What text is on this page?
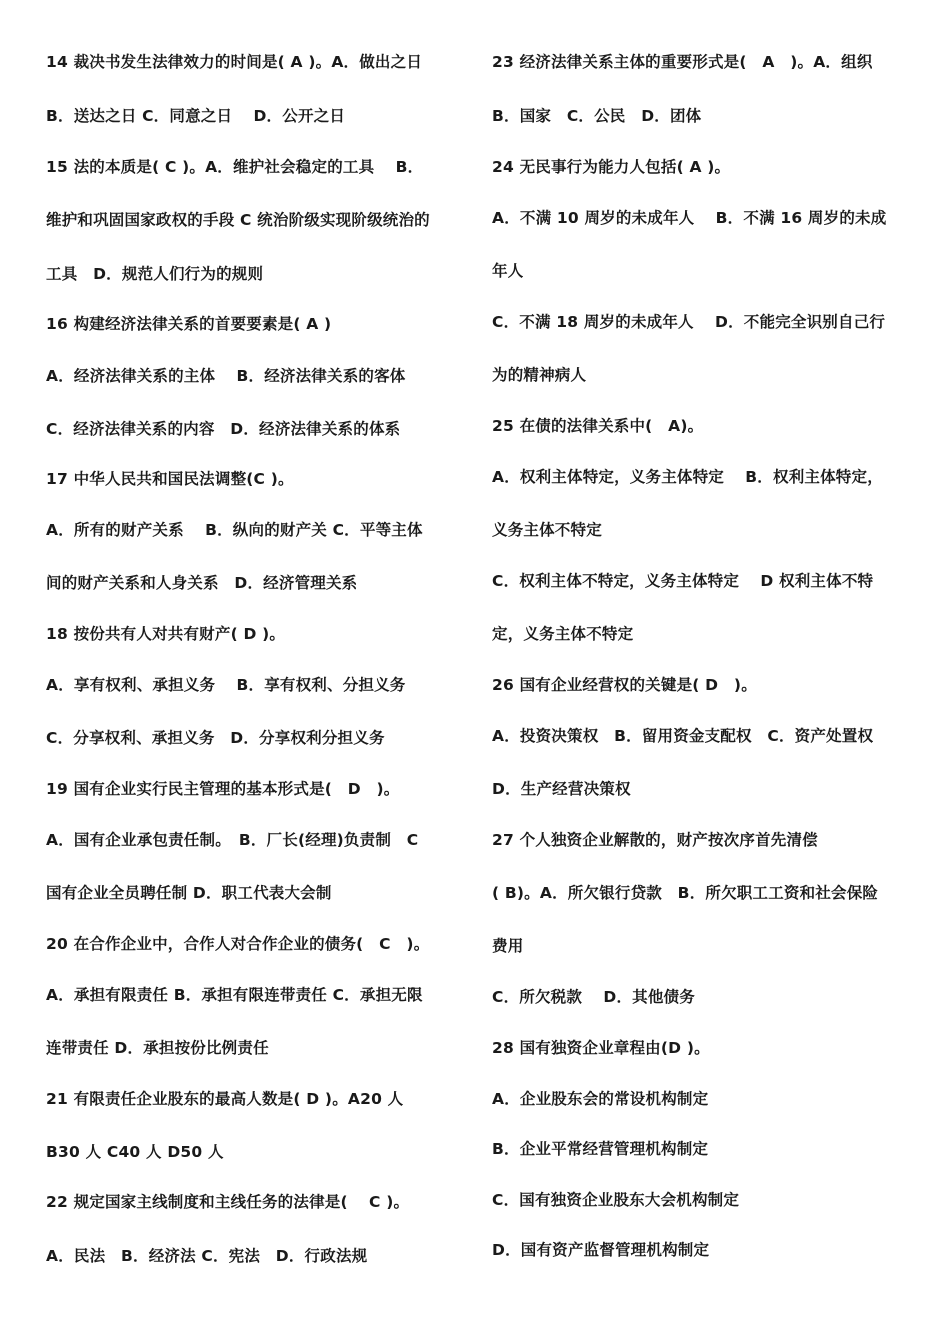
14 裁决书发生法律效力的时间是( A )。A．做出之日
B．送达之日 C．同意之日　 D．公开之日
15 法的本质是( C )。A．维护社会稳定的工具　 B．
维护和巩固国家政权的手段 C 统治阶级实现阶级统治的
工具　D．规范人们行为的规则
16 构建经济法律关系的首要要素是( A )
A．经济法律关系的主体　 B．经济法律关系的客体
C．经济法律关系的内容　D．经济法律关系的体系
17 中华人民共和国民法调整(C )。
A．所有的财产关系　 B．纵向的财产关 C．平等主体
间的财产关系和人身关系　D．经济管理关系
18 按份共有人对共有财产( D )。
A．享有权利、承担义务　 B．享有权利、分担义务
C．分享权利、承担义务　D．分享权利分担义务
19 国有企业实行民主管理的基本形式是(　D　)。
A．国有企业承包责任制。　B．厂长(经理)负责制　C
国有企业全员聘任制 D．职工代表大会制
20 在合作企业中，合作人对合作企业的债务(　C　)。
A．承担有限责任 B．承担有限连带责任 C．承担无限
连带责任 D．承担按份比例责任
21 有限责任企业股东的最高人数是( D )。A20 人
B30 人 C40 人 D50 人
22 规定国家主线制度和主线任务的法律是(　 C )。
A．民法　B．经济法 C．宪法　D．行政法规
23 经济法律关系主体的重要形式是(　A　)。A．组织
B．国家　C．公民　D．团体
24 无民事行为能力人包括( A )。
A．不满 10 周岁的未成年人　 B．不满 16 周岁的未成
年人
C．不满 18 周岁的未成年人　 D．不能完全识别自己行
为的精神病人
25 在债的法律关系中(　A)。
A．权利主体特定，义务主体特定　 B．权利主体特定，
义务主体不特定
C．权利主体不特定，义务主体特定　 D 权利主体不特
定，义务主体不特定
26 国有企业经营权的关键是( D　)。
A．投资决策权　B．留用资金支配权　C．资产处置权
D．生产经营决策权
27 个人独资企业解散的，财产按次序首先清偿
( B)。A．所欠银行贷款　B．所欠职工工资和社会保险
费用
C．所欠税款　 D．其他债务
28 国有独资企业章程由(D )。
A．企业股东会的常设机构制定
B．企业平常经营管理机构制定
C．国有独资企业股东大会机构制定
D．国有资产监督管理机构制定
